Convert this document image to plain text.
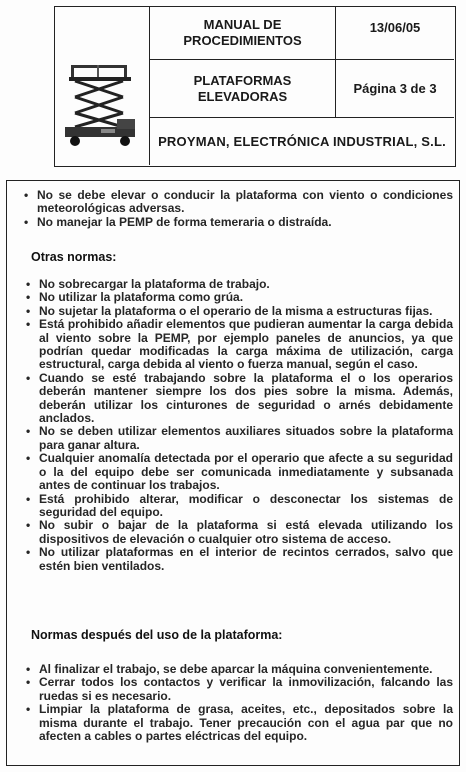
MANUAL DE PROCEDIMIENTOS
13/06/05
PLATAFORMAS ELEVADORAS	Página 3 de 3
PROYMAN, ELECTRÓNICA INDUSTRIAL, S.L.
• No se debe elevar o conducir la plataforma con viento o condiciones meteorológicas adversas.
• No manejar la PEMP de forma temeraria o distraída.
Otras normas:
• No sobrecargar la plataforma de trabajo.
• No utilizar la plataforma como grúa.
• No sujetar la plataforma o el operario de la misma a estructuras fijas.
• Está prohibido añadir elementos que pudieran aumentar la carga debida al viento sobre la PEMP, por ejemplo paneles de anuncios, ya que podrían quedar modificadas la carga máxima de utilización, carga estructural, carga debida al viento o fuerza manual, según el caso.
• Cuando se esté trabajando sobre la plataforma el o los operarios deberán mantener siempre los dos pies sobre la misma. Además, deberán utilizar los cinturones de seguridad o arnés debidamente anclados.
• No se deben utilizar elementos auxiliares situados sobre la plataforma para ganar altura.
• Cualquier anomalía detectada por el operario que afecte a su seguridad o la del equipo debe ser comunicada inmediatamente y subsanada antes de continuar los trabajos.
• Está prohibido alterar, modificar o desconectar los sistemas de seguridad del equipo.
• No subir o bajar de la plataforma si está elevada utilizando los dispositivos de elevación o cualquier otro sistema de acceso.
• No utilizar plataformas en el interior de recintos cerrados, salvo que estén bien ventilados.
Normas después del uso de la plataforma:
• Al finalizar el trabajo, se debe aparcar la máquina convenientemente.
• Cerrar todos los contactos y verificar la inmovilización, falcando las ruedas si es necesario.
• Limpiar la plataforma de grasa, aceites, etc., depositados sobre la misma durante el trabajo. Tener precaución con el agua par que no afecten a cables o partes eléctricas del equipo.
